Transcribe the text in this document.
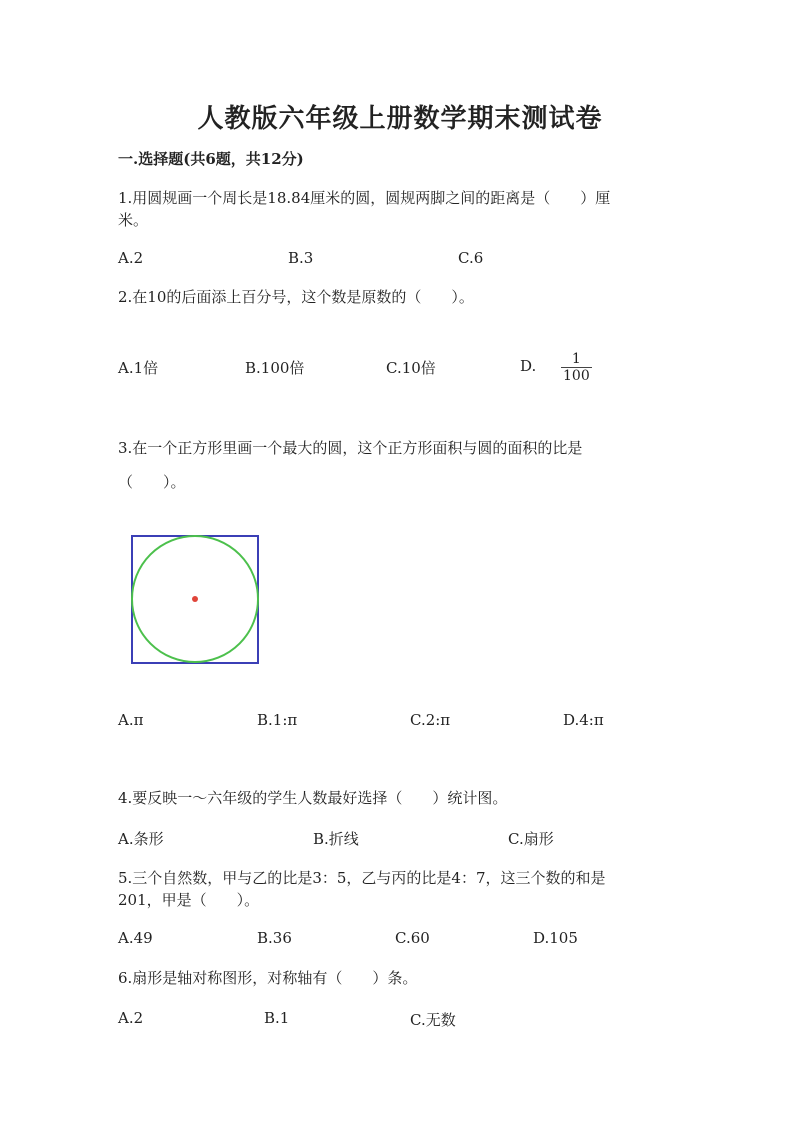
人教版六年级上册数学期末测试卷
一.选择题(共6题，共12分)
1.用圆规画一个周长是18.84厘米的圆，圆规两脚之间的距离是（　　）厘
米。
A.2	B.3	C.6
2.在10的后面添上百分号，这个数是原数的（　　）。
A.1倍	B.100倍	C.10倍	D.	1
100
3.在一个正方形里画一个最大的圆，这个正方形面积与圆的面积的比是
（　　）。
A.π	B.1:π	C.2:π	D.4:π
4.要反映一～六年级的学生人数最好选择（　　）统计图。
A.条形	B.折线	C.扇形
5.三个自然数，甲与乙的比是3：5，乙与丙的比是4：7，这三个数的和是
201，甲是（　　）。
A.49	B.36	C.60	D.105
6.扇形是轴对称图形，对称轴有（　　）条。
A.2	B.1	C.无数
